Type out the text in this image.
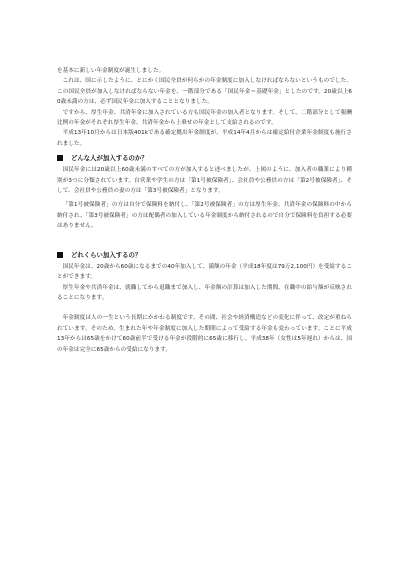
を基本に新しい年金制度が誕生しました。

これは、国に示したように、とにかく国民全員が何らかの年金制度に加入しなければならないというものでした。この国民全員が加入しなければならない年金を、一階部分である「国民年金＝基礎年金」としたのです。20歳以上60歳未満の方は、必ず国民年金に加入することとなりました。

ですから、厚生年金、共済年金に加入されている方も国民年金の加入者となります。そして、二階部分として報酬比例の年金がそれぞれ厚生年金、共済年金から上乗せの年金として支給されるのです。

平成13年10月からは日本版401kである確定拠出年金制度が、平成14年4月からは確定給付企業年金制度も施行されました。

どんな人が加入するのか？

国民年金には20歳以上60歳未満のすべての方が加入すると述べましたが、上図のように、加入者の職業により種別が3つに分類されています。自営業や学生の方は「第1号被保険者」、会社員や公務員の方は「第2号被保険者」、そして、会社員や公務員の妻の方は「第3号被保険者」となります。

「第1号被保険者」の方は自分で保険料を納付し、「第2号被保険者」の方は厚生年金、共済年金の保険料の中から納付され、「第3号被保険者」の方は配偶者の加入している年金制度から納付されるので自分で保険料を負担する必要はありません。

どれくらい加入するの？

国民年金は、20歳から60歳になるまでの40年加入して、満額の年金（平成18年度は79万2,100円）を受給することができます。

厚生年金や共済年金は、就職してから退職まで加入し、年金額の計算は加入した期間、在職中の給与額が反映されることになります。

年金制度は人の一生という長期にかかわる制度です。その間、社会や経済構造などの変化に伴って、改定が重ねられています。そのため、生まれた年や年金制度に加入した期間によって受給する年金も変わっています。ことに平成13年からは65歳をかけて60歳前半で受ける年金が段階的に65歳に移行し、平成38年（女性は5年遅れ）からは、国の年金は完全に65歳からの受給になります。
